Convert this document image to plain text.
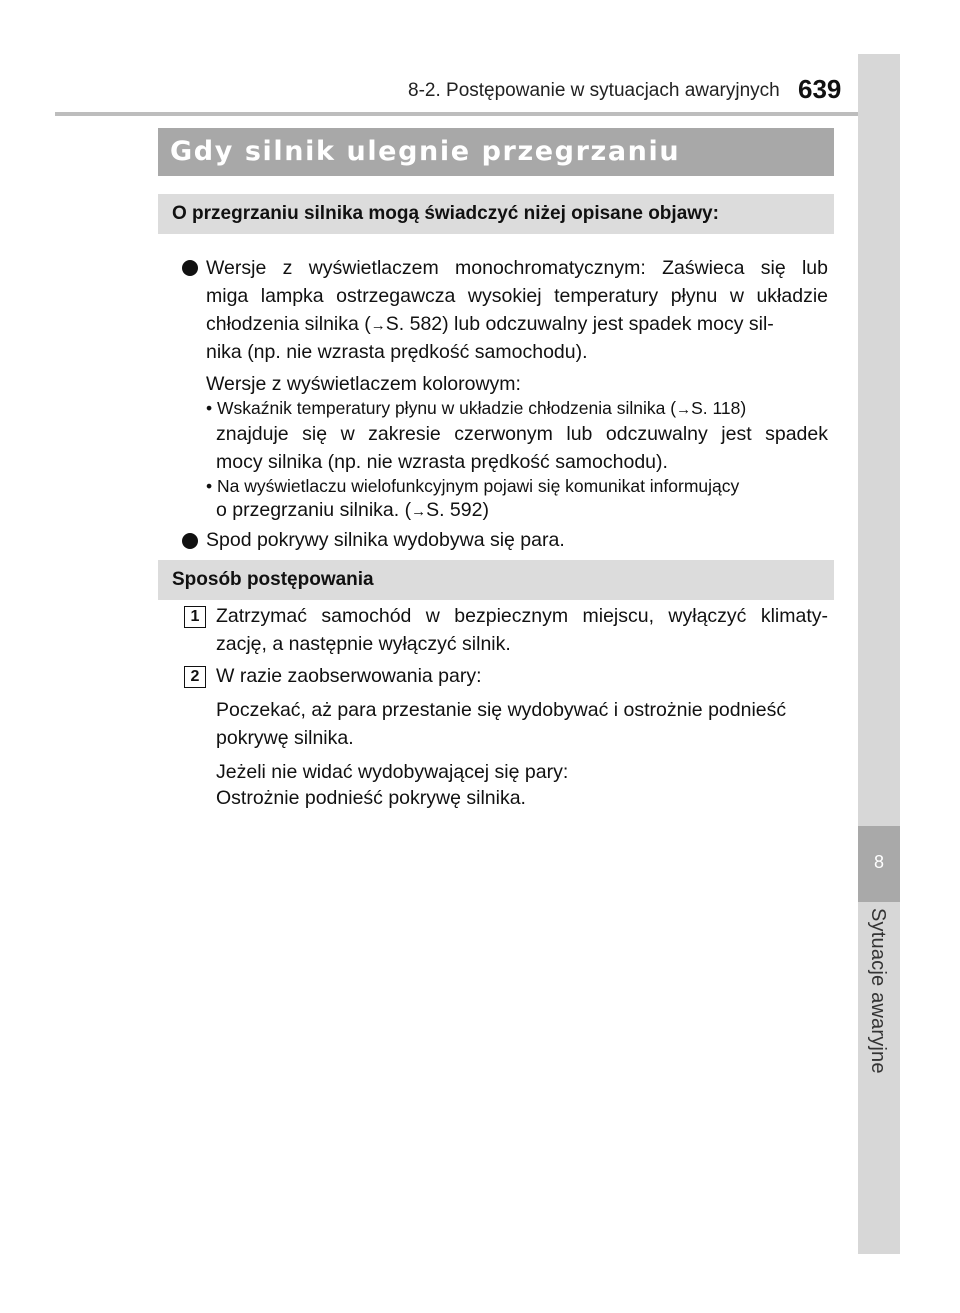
8-2. Postępowanie w sytuacjach awaryjnych 639
8
Sytuacje awaryjne
Gdy silnik ulegnie przegrzaniu
O przegrzaniu silnika mogą świadczyć niżej opisane objawy:
Wersje z wyświetlaczem monochromatycznym: Zaświeca się lub
miga lampka ostrzegawcza wysokiej temperatury płynu w układzie
chłodzenia silnika (→S. 582) lub odczuwalny jest spadek mocy sil-
nika (np. nie wzrasta prędkość samochodu).
Wersje z wyświetlaczem kolorowym:
• Wskaźnik temperatury płynu w układzie chłodzenia silnika (→S. 118)
znajduje się w zakresie czerwonym lub odczuwalny jest spadek
mocy silnika (np. nie wzrasta prędkość samochodu).
• Na wyświetlaczu wielofunkcyjnym pojawi się komunikat informujący
o przegrzaniu silnika. (→S. 592)
Spod pokrywy silnika wydobywa się para.
Sposób postępowania
1 Zatrzymać samochód w bezpiecznym miejscu, wyłączyć klimaty-
zację, a następnie wyłączyć silnik.
2 W razie zaobserwowania pary:
Poczekać, aż para przestanie się wydobywać i ostrożnie podnieść
pokrywę silnika.
Jeżeli nie widać wydobywającej się pary:
Ostrożnie podnieść pokrywę silnika.
